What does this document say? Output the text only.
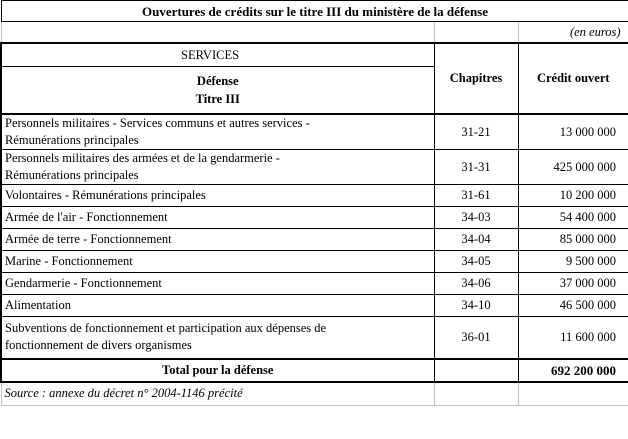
Ouvertures de crédits sur le titre III du ministère de la défense		
		(en euros)
SERVICES	Chapitres	Crédit ouvert

Défense
Titre III		

Personnels militaires - Services communs et autres services -
Rémunérations principales	31-21	13 000 000

Personnels militaires des armées et de la gendarmerie -
Rémunérations principales	31-31	425 000 000
Volontaires - Rémunérations principales	31-61	10 200 000
Armée de l'air - Fonctionnement	34-03	54 400 000
Armée de terre - Fonctionnement	34-04	85 000 000
Marine - Fonctionnement	34-05	9 500 000
Gendarmerie - Fonctionnement	34-06	37 000 000
Alimentation	34-10	46 500 000

Subventions de fonctionnement et participation aux dépenses de
fonctionnement de divers organismes	36-01	11 600 000
Total pour la défense		692 200 000
Source : annexe du décret n° 2004-1146 précité		
